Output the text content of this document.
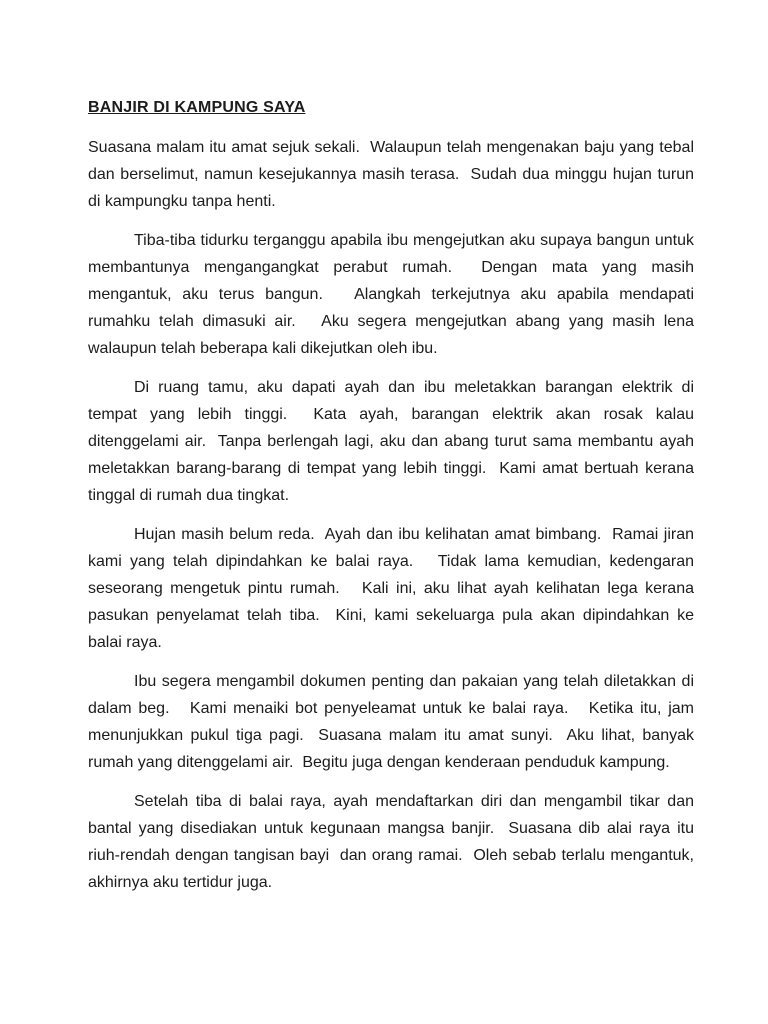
BANJIR DI KAMPUNG SAYA

Suasana malam itu amat sejuk sekali.  Walaupun telah mengenakan baju yang tebal dan berselimut, namun kesejukannya masih terasa.  Sudah dua minggu hujan turun di kampungku tanpa henti.

Tiba-tiba tidurku terganggu apabila ibu mengejutkan aku supaya bangun untuk membantunya mengangangkat perabut rumah.  Dengan mata yang masih mengantuk, aku terus bangun.   Alangkah terkejutnya aku apabila mendapati rumahku telah dimasuki air.   Aku segera mengejutkan abang yang masih lena walaupun telah beberapa kali dikejutkan oleh ibu.

Di ruang tamu, aku dapati ayah dan ibu meletakkan barangan elektrik di tempat yang lebih tinggi.  Kata ayah, barangan elektrik akan rosak kalau ditenggelami air.  Tanpa berlengah lagi, aku dan abang turut sama membantu ayah meletakkan barang-barang di tempat yang lebih tinggi.  Kami amat bertuah kerana tinggal di rumah dua tingkat.

Hujan masih belum reda.  Ayah dan ibu kelihatan amat bimbang.  Ramai jiran kami yang telah dipindahkan ke balai raya.   Tidak lama kemudian, kedengaran seseorang mengetuk pintu rumah.   Kali ini, aku lihat ayah kelihatan lega kerana pasukan penyelamat telah tiba.  Kini, kami sekeluarga pula akan dipindahkan ke balai raya.

Ibu segera mengambil dokumen penting dan pakaian yang telah diletakkan di dalam beg.   Kami menaiki bot penyeleamat untuk ke balai raya.   Ketika itu, jam menunjukkan pukul tiga pagi.  Suasana malam itu amat sunyi.  Aku lihat, banyak rumah yang ditenggelami air.  Begitu juga dengan kenderaan penduduk kampung.

Setelah tiba di balai raya, ayah mendaftarkan diri dan mengambil tikar dan bantal yang disediakan untuk kegunaan mangsa banjir.  Suasana dib alai raya itu riuh-rendah dengan tangisan bayi  dan orang ramai.  Oleh sebab terlalu mengantuk, akhirnya aku tertidur juga.
